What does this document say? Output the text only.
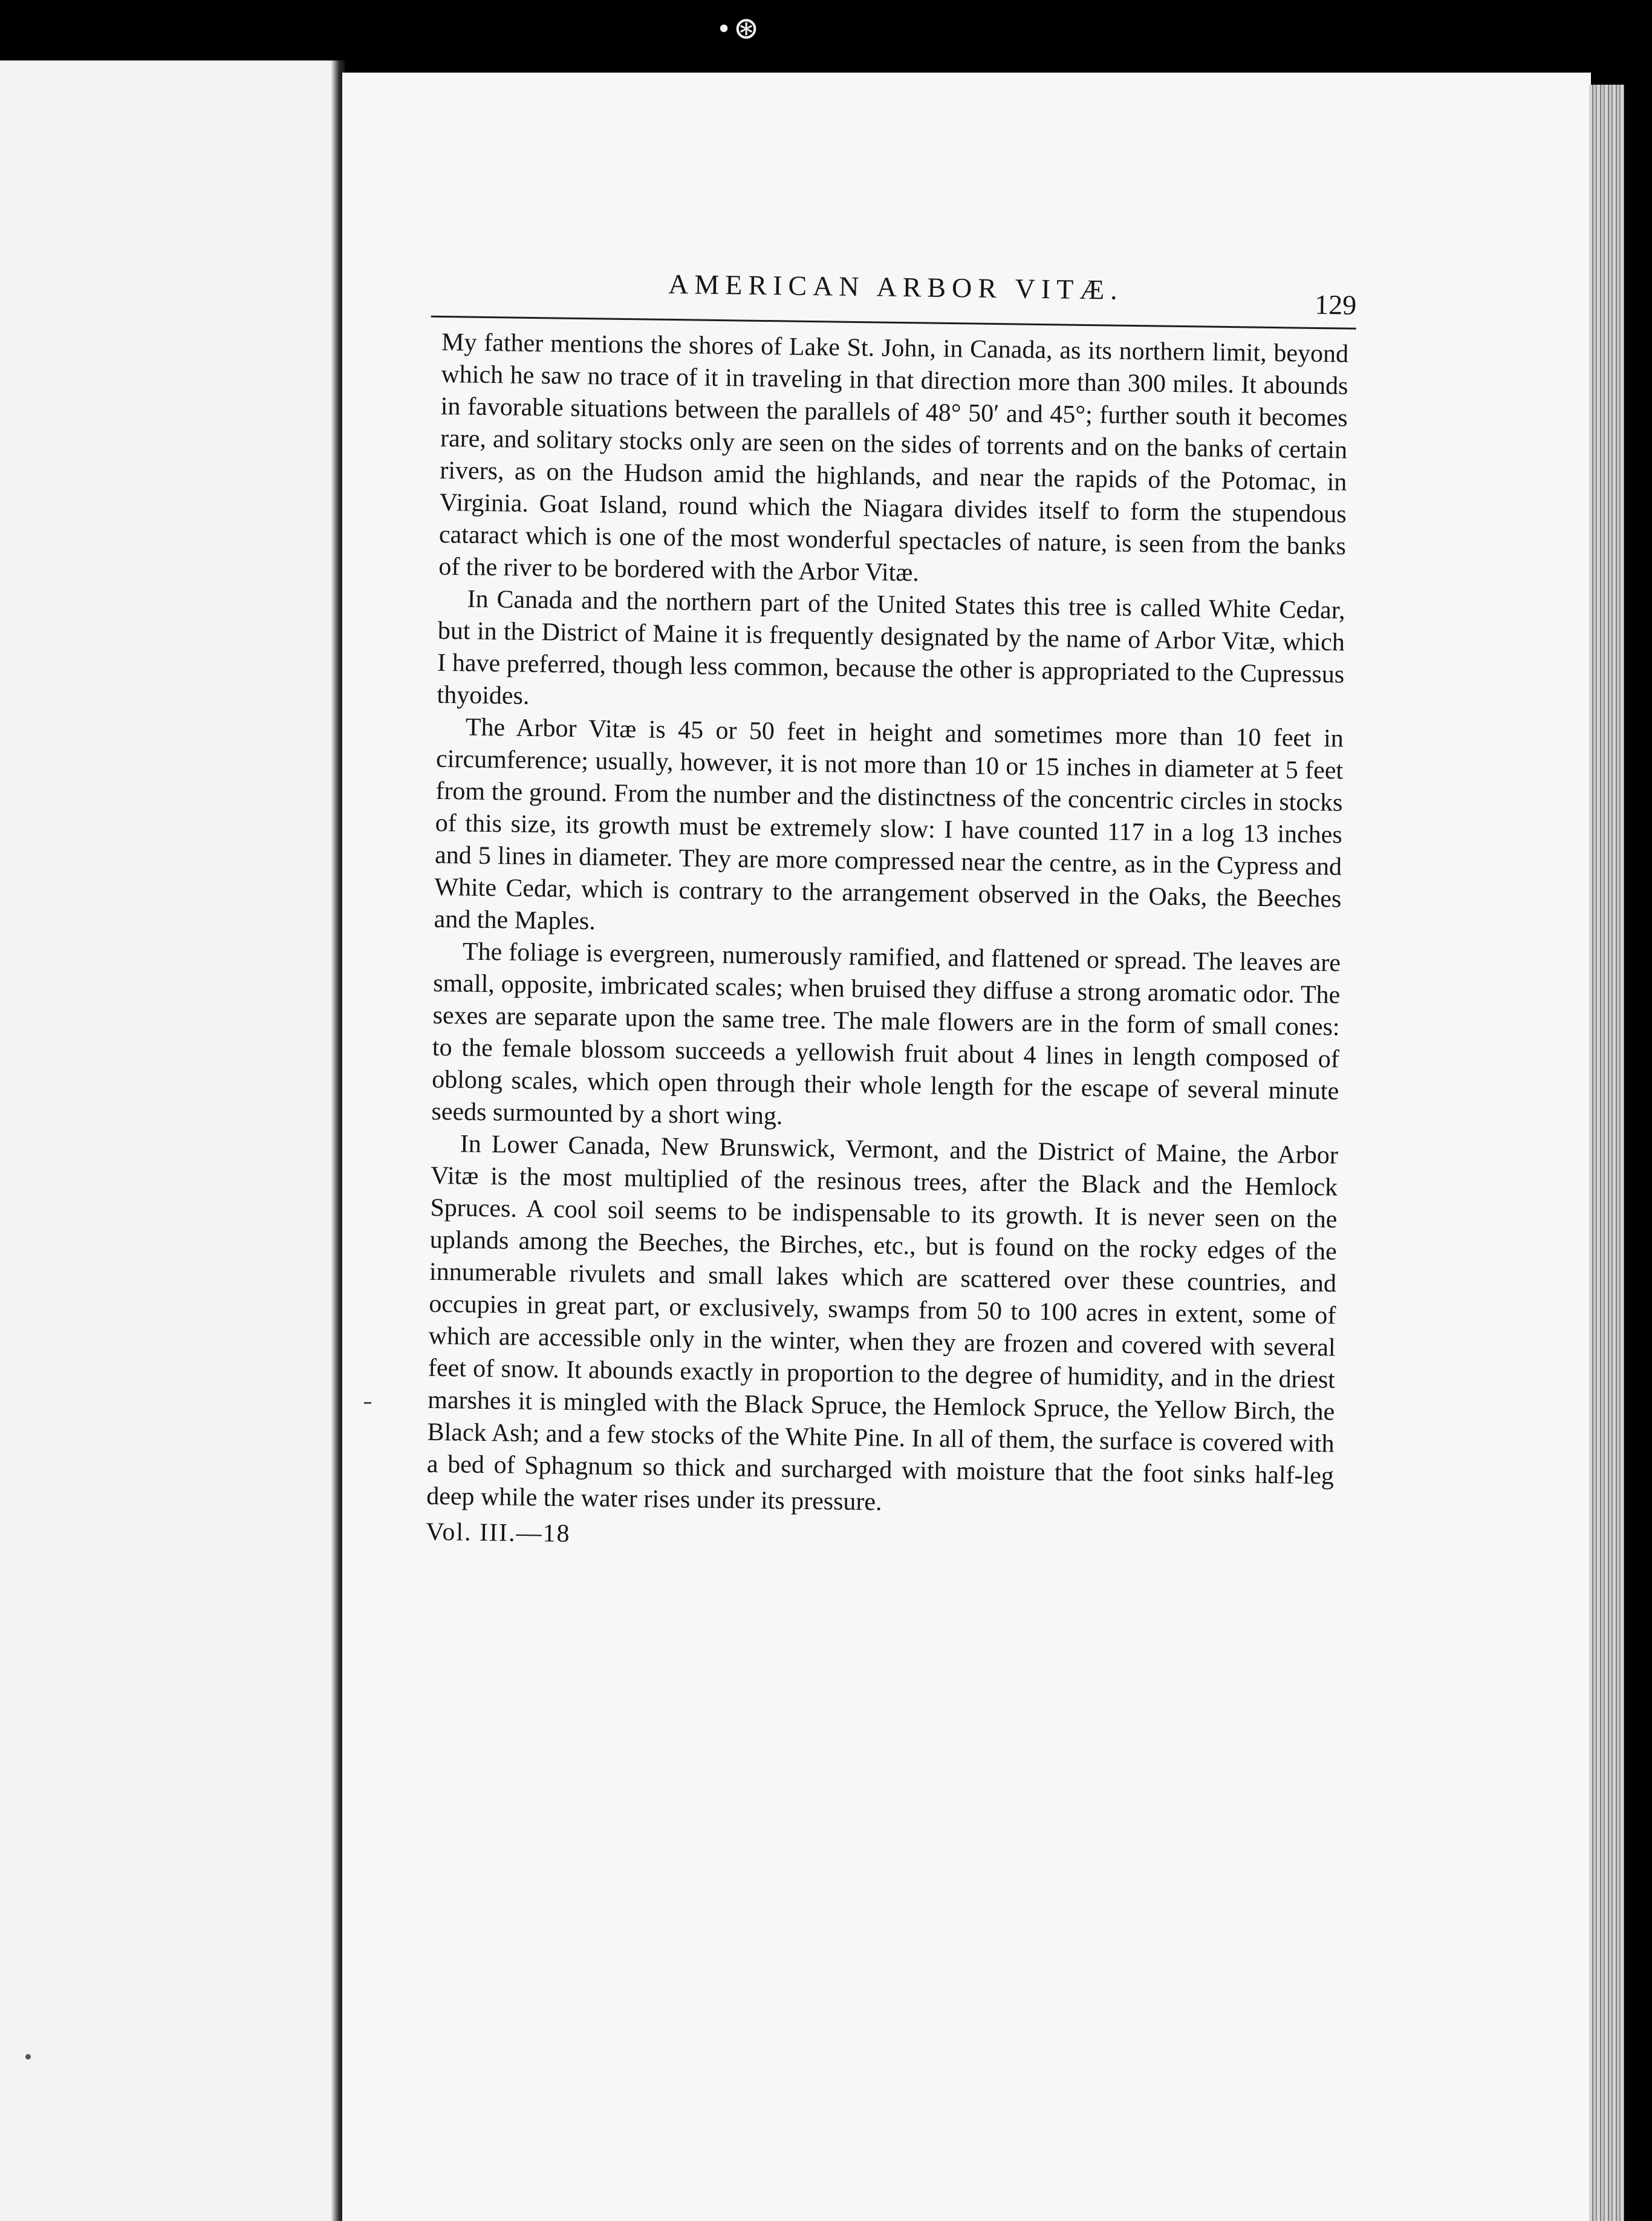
•⊛
AMERICAN ARBOR VITÆ.	129

My father mentions the shores of Lake St. John, in Canada, as its northern limit, beyond which he saw no trace of it in traveling in that direction more than 300 miles. It abounds in favorable situations between the parallels of 48° 50′ and 45°; further south it becomes rare, and solitary stocks only are seen on the sides of torrents and on the banks of certain rivers, as on the Hudson amid the highlands, and near the rapids of the Potomac, in Virginia. Goat Island, round which the Niagara divides itself to form the stupendous cataract which is one of the most wonderful spectacles of nature, is seen from the banks of the river to be bordered with the Arbor Vitæ.

In Canada and the northern part of the United States this tree is called White Cedar, but in the District of Maine it is frequently designated by the name of Arbor Vitæ, which I have preferred, though less common, because the other is appropriated to the Cupressus thyoides.

The Arbor Vitæ is 45 or 50 feet in height and sometimes more than 10 feet in circumference; usually, however, it is not more than 10 or 15 inches in diameter at 5 feet from the ground. From the number and the distinctness of the concentric circles in stocks of this size, its growth must be extremely slow: I have counted 117 in a log 13 inches and 5 lines in diameter. They are more compressed near the centre, as in the Cypress and White Cedar, which is contrary to the arrangement observed in the Oaks, the Beeches and the Maples.

The foliage is evergreen, numerously ramified, and flattened or spread. The leaves are small, opposite, imbricated scales; when bruised they diffuse a strong aromatic odor. The sexes are separate upon the same tree. The male flowers are in the form of small cones: to the female blossom succeeds a yellowish fruit about 4 lines in length composed of oblong scales, which open through their whole length for the escape of several minute seeds surmounted by a short wing.

In Lower Canada, New Brunswick, Vermont, and the District of Maine, the Arbor Vitæ is the most multiplied of the resinous trees, after the Black and the Hemlock Spruces. A cool soil seems to be indispensable to its growth. It is never seen on the uplands among the Beeches, the Birches, etc., but is found on the rocky edges of the innumerable rivulets and small lakes which are scattered over these countries, and occupies in great part, or exclusively, swamps from 50 to 100 acres in extent, some of which are accessible only in the winter, when they are frozen and covered with several feet of snow. It abounds exactly in proportion to the degree of humidity, and in the driest marshes it is mingled with the Black Spruce, the Hemlock Spruce, the Yellow Birch, the Black Ash; and a few stocks of the White Pine. In all of them, the surface is covered with a bed of Sphagnum so thick and surcharged with moisture that the foot sinks half-leg deep while the water rises under its pressure.

Vol. III.—18
